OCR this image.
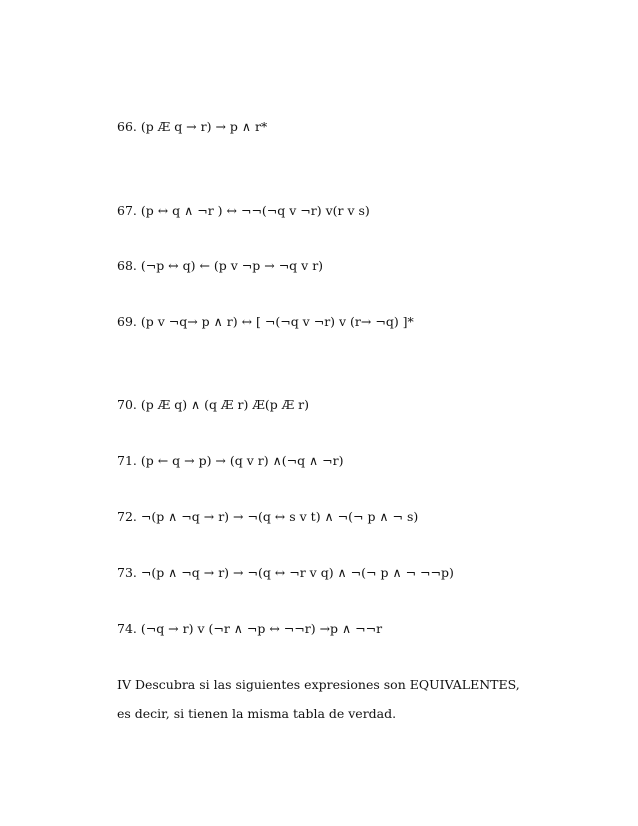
66. (p Æ q → r) → p ∧ r*
67. (p ↔ q ∧ ¬r ) ↔ ¬¬(¬q v ¬r) v(r v s)
68. (¬p ↔ q) ← (p v ¬p → ¬q v r)
69. (p v ¬q→ p ∧ r) ↔ [ ¬(¬q v ¬r) v (r→ ¬q) ]*
70. (p Æ q) ∧ (q Æ r) Æ(p Æ r)
71. (p ← q → p) → (q v r) ∧(¬q ∧ ¬r)
72. ¬(p ∧ ¬q → r) → ¬(q ↔ s v t) ∧ ¬(¬ p ∧ ¬ s)
73. ¬(p ∧ ¬q → r) → ¬(q ↔ ¬r v q) ∧ ¬(¬ p ∧ ¬ ¬¬p)
74. (¬q → r) v (¬r ∧ ¬p ↔ ¬¬r) →p ∧ ¬¬r
IV Descubra si las siguientes expresiones son EQUIVALENTES, es decir, si tienen la misma tabla de verdad.
